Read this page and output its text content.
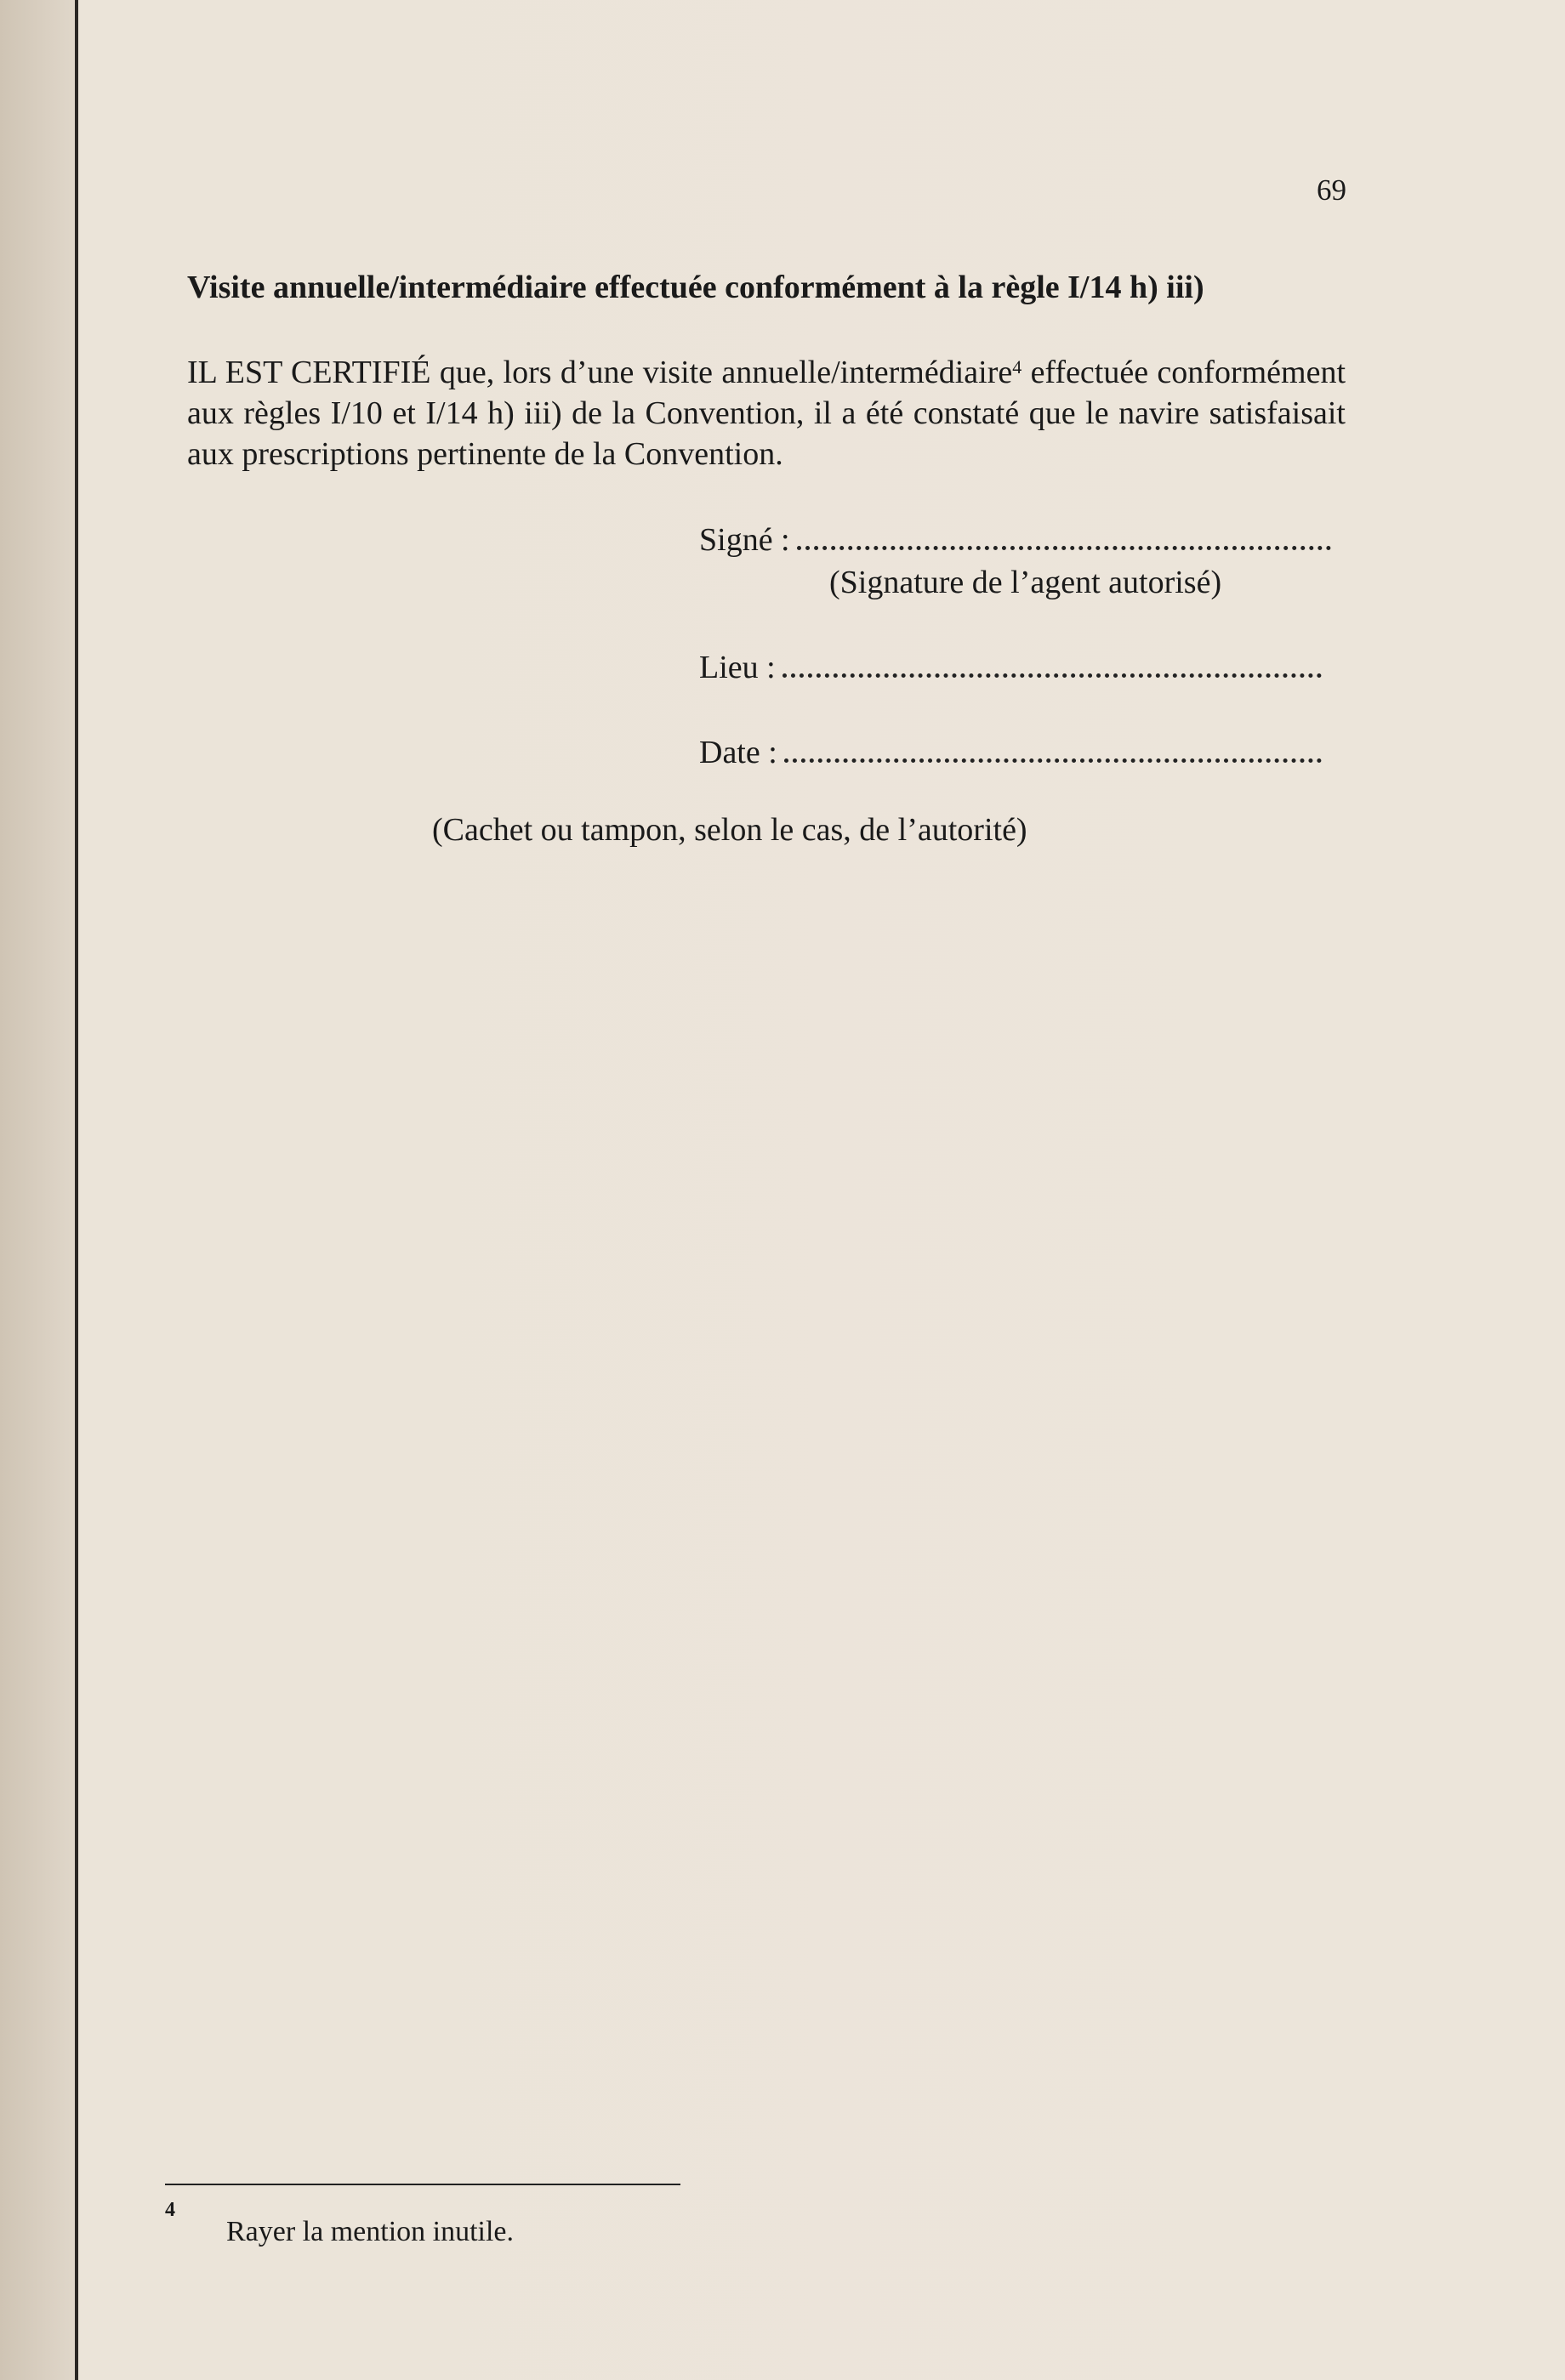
69
Visite annuelle/intermédiaire effectuée conformément à la règle I/14 h) iii)
IL EST CERTIFIÉ que, lors d’une visite annuelle/intermédiaire$^4$ effectuée conformément aux règles I/10 et I/14 h) iii) de la Convention, il a été constaté que le navire satisfaisait aux prescriptions pertinente de la Convention.
Signé :
(Signature de l’agent autorisé)
Lieu :
Date :
(Cachet ou tampon, selon le cas, de l’autorité)
4
Rayer la mention inutile.
